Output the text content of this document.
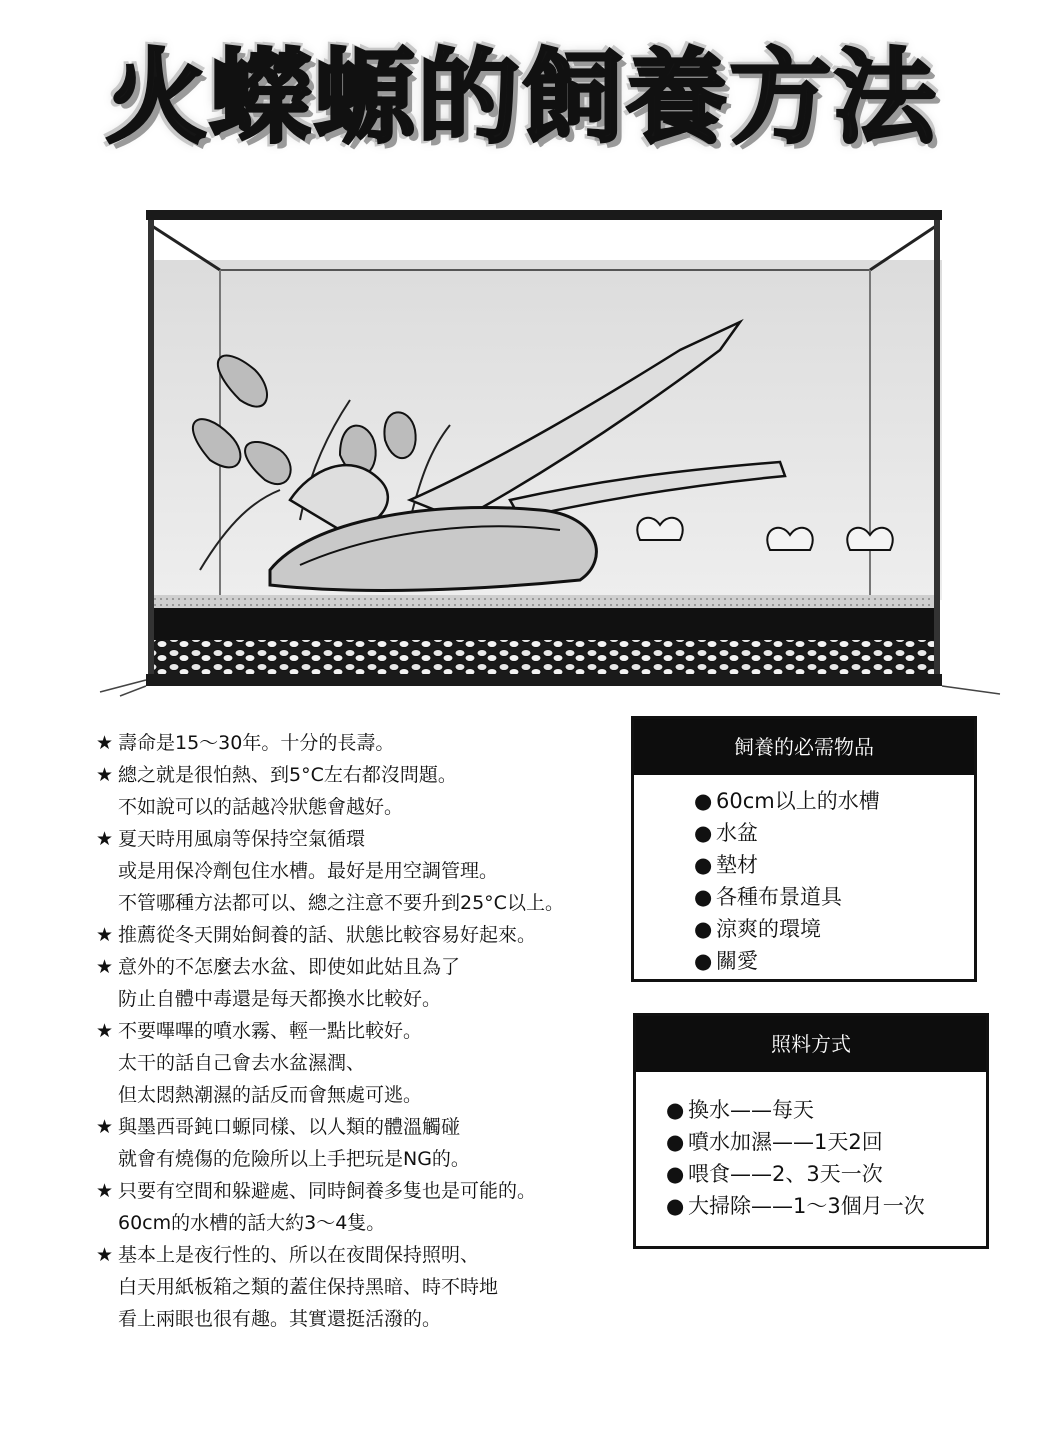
火蠑螈的飼養方法
★ 壽命是15～30年。十分的長壽。
★ 總之就是很怕熱、到5°C左右都沒問題。
不如說可以的話越冷狀態會越好。
★ 夏天時用風扇等保持空氣循環
或是用保冷劑包住水槽。最好是用空調管理。
不管哪種方法都可以、總之注意不要升到25°C以上。
★ 推薦從冬天開始飼養的話、狀態比較容易好起來。
★ 意外的不怎麼去水盆、即使如此姑且為了
防止自體中毒還是每天都換水比較好。
★ 不要嗶嗶的噴水霧、輕一點比較好。
太干的話自己會去水盆濕潤、
但太悶熱潮濕的話反而會無處可逃。
★ 與墨西哥鈍口螈同樣、以人類的體溫觸碰
就會有燒傷的危險所以上手把玩是NG的。
★ 只要有空間和躲避處、同時飼養多隻也是可能的。
60cm的水槽的話大約3～4隻。
★ 基本上是夜行性的、所以在夜間保持照明、
白天用紙板箱之類的蓋住保持黑暗、時不時地
看上兩眼也很有趣。其實還挺活潑的。
飼養的必需物品
● 60cm以上的水槽
● 水盆
● 墊材
● 各種布景道具
● 涼爽的環境
● 關愛
照料方式
● 換水——每天
● 噴水加濕——1天2回
● 喂食——2、3天一次
● 大掃除——1～3個月一次
